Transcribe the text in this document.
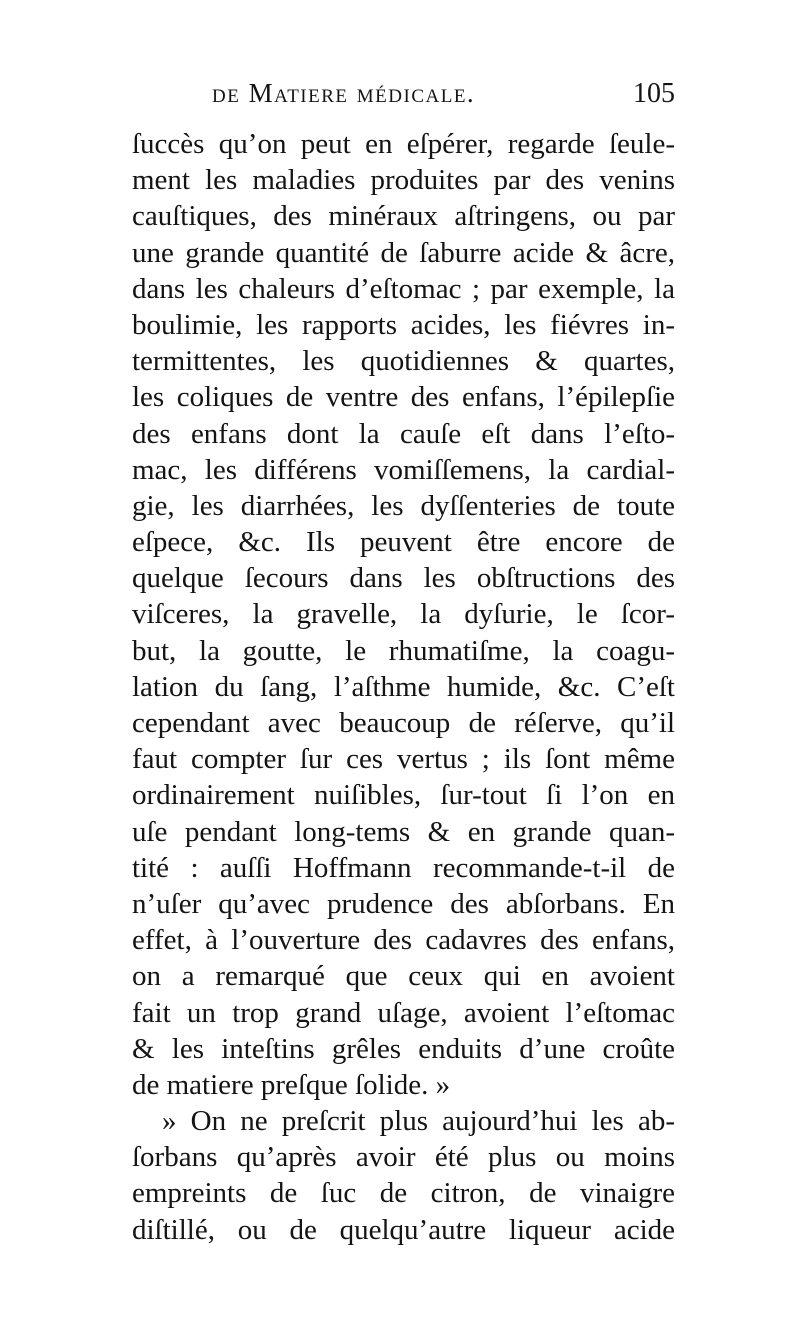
de Matiere médicale.	105
ſuccès qu’on peut en eſpérer, regarde ſeule-
ment les maladies produites par des venins
cauſtiques, des minéraux aſtringens, ou par
une grande quantité de ſaburre acide & âcre,
dans les chaleurs d’eſtomac ; par exemple, la
boulimie, les rapports acides, les fiévres in-
termittentes, les quotidiennes & quartes,
les coliques de ventre des enfans, l’épilepſie
des enfans dont la cauſe eſt dans l’eſto-
mac, les différens vomiſſemens, la cardial-
gie, les diarrhées, les dyſſenteries de toute
eſpece, &c. Ils peuvent être encore de
quelque ſecours dans les obſtructions des
viſceres, la gravelle, la dyſurie, le ſcor-
but, la goutte, le rhumatiſme, la coagu-
lation du ſang, l’aſthme humide, &c. C’eſt
cependant avec beaucoup de réſerve, qu’il
faut compter ſur ces vertus ; ils ſont même
ordinairement nuiſibles, ſur-tout ſi l’on en
uſe pendant long-tems & en grande quan-
tité : auſſi Hoffmann recommande-t-il de
n’uſer qu’avec prudence des abſorbans. En
effet, à l’ouverture des cadavres des enfans,
on a remarqué que ceux qui en avoient
fait un trop grand uſage, avoient l’eſtomac
& les inteſtins grêles enduits d’une croûte
de matiere preſque ſolide. »
» On ne preſcrit plus aujourd’hui les ab-
ſorbans qu’après avoir été plus ou moins
empreints de ſuc de citron, de vinaigre
diſtillé, ou de quelqu’autre liqueur acide
